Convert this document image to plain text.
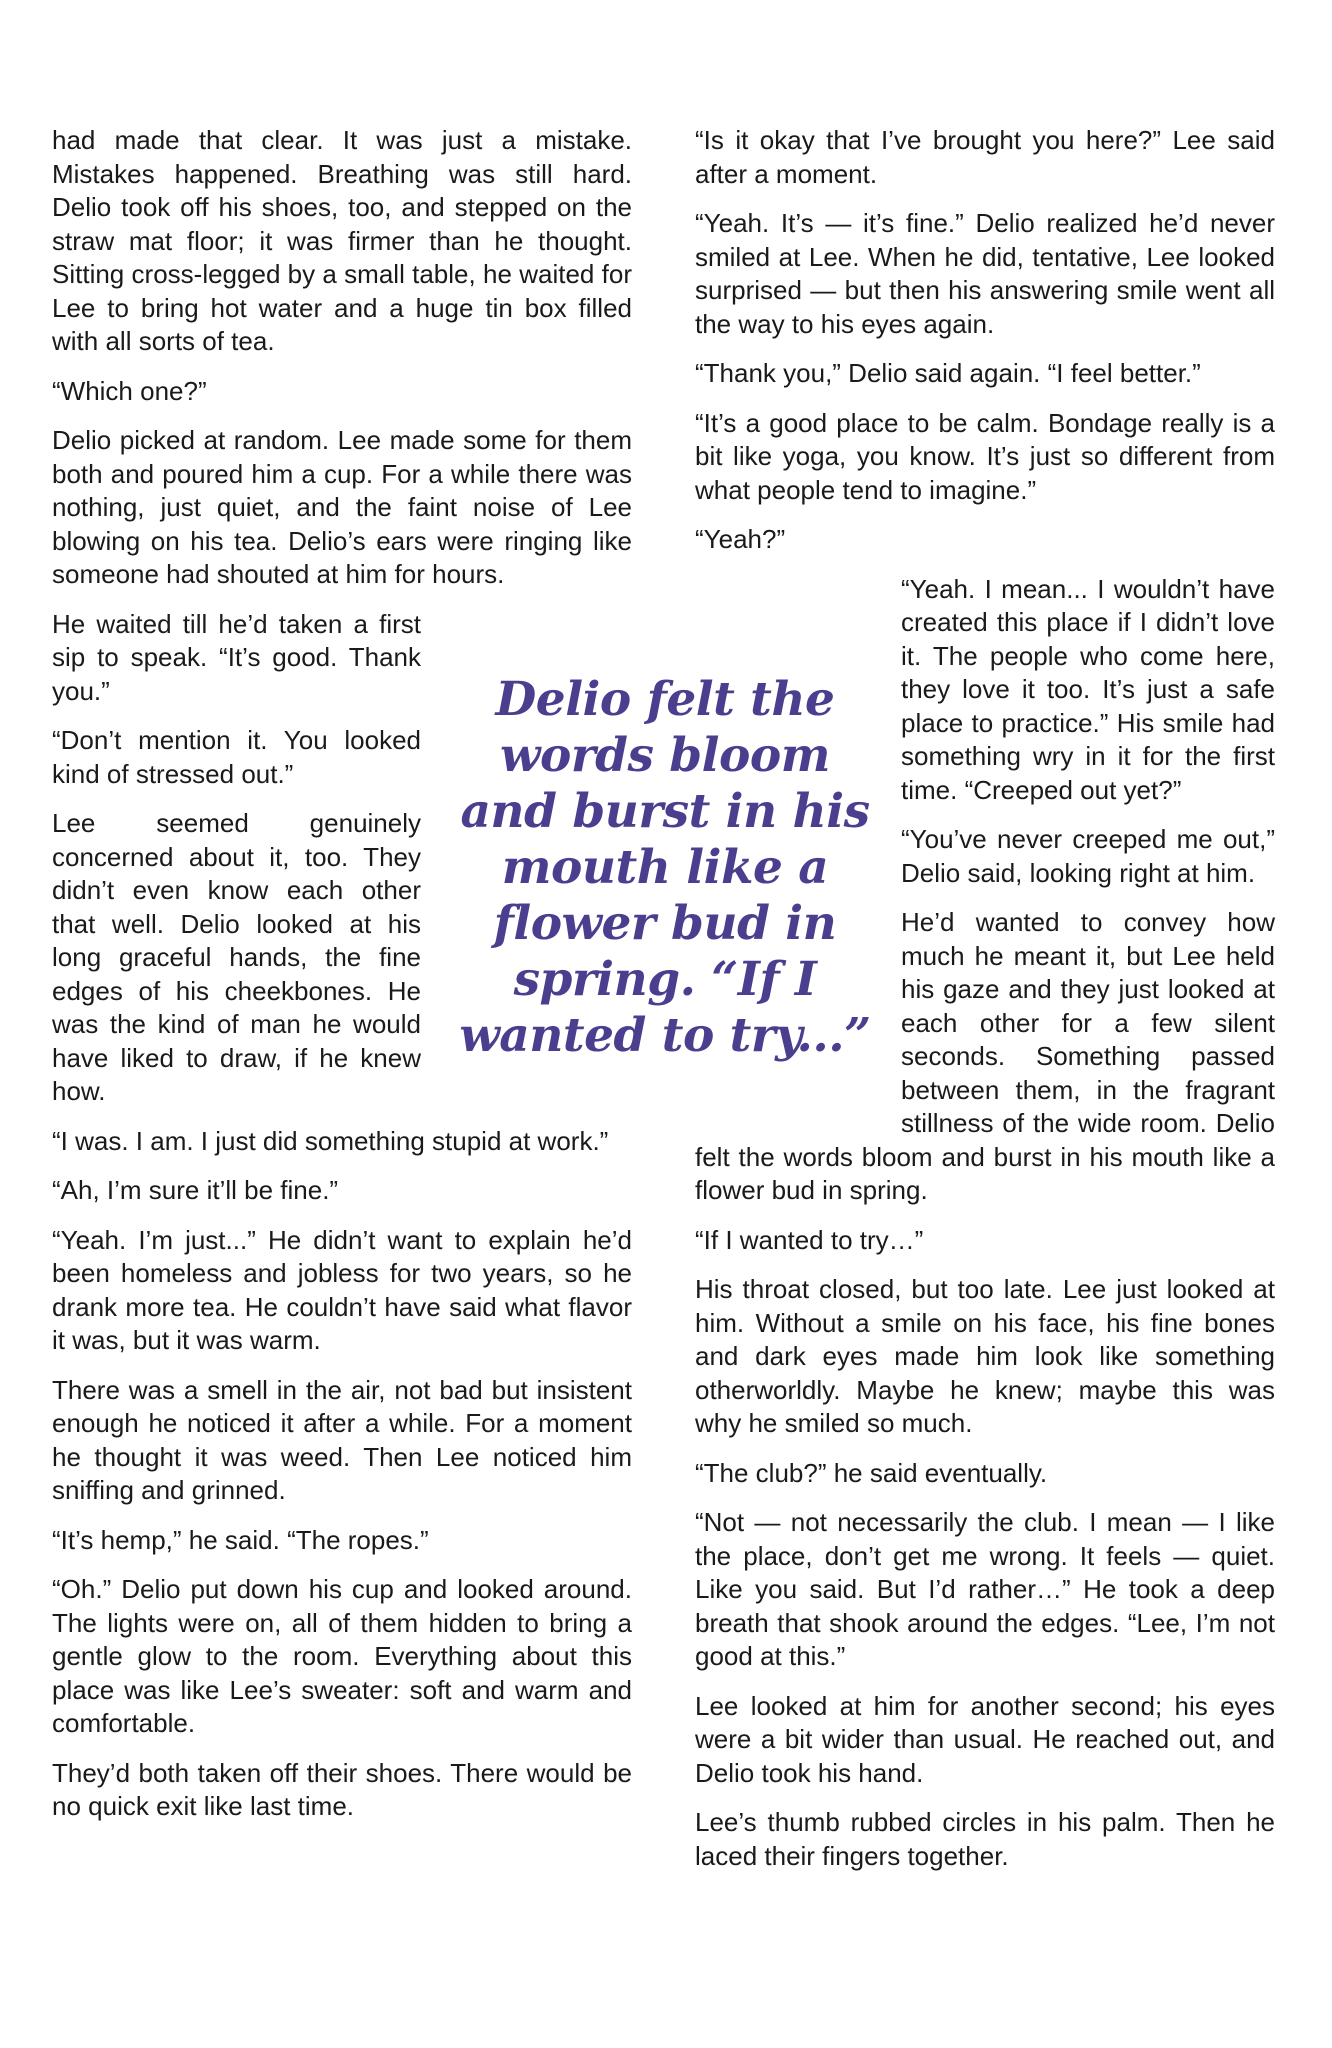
had made that clear. It was just a mistake. Mistakes happened. Breathing was still hard. Delio took off his shoes, too, and stepped on the straw mat floor; it was firmer than he thought. Sitting cross-legged by a small table, he waited for Lee to bring hot water and a huge tin box filled with all sorts of tea.

“Which one?”

Delio picked at random. Lee made some for them both and poured him a cup. For a while there was nothing, just quiet, and the faint noise of Lee blowing on his tea. Delio’s ears were ringing like someone had shouted at him for hours.

He waited till he’d taken a first sip to speak. “It’s good. Thank you.”

“Don’t mention it. You looked kind of stressed out.”

Lee seemed genuinely concerned about it, too. They didn’t even know each other that well. Delio looked at his long graceful hands, the fine edges of his cheekbones. He was the kind of man he would have liked to draw, if he knew how.

“I was. I am. I just did something stupid at work.”

“Ah, I’m sure it’ll be fine.”

“Yeah. I’m just...” He didn’t want to explain he’d been homeless and jobless for two years, so he drank more tea. He couldn’t have said what flavor it was, but it was warm.

There was a smell in the air, not bad but insistent enough he noticed it after a while. For a moment he thought it was weed. Then Lee noticed him sniffing and grinned.

“It’s hemp,” he said. “The ropes.”

“Oh.” Delio put down his cup and looked around. The lights were on, all of them hidden to bring a gentle glow to the room. Everything about this place was like Lee’s sweater: soft and warm and comfortable.

They’d both taken off their shoes. There would be no quick exit like last time.

“Is it okay that I’ve brought you here?” Lee said after a moment.

“Yeah. It’s — it’s fine.” Delio realized he’d never smiled at Lee. When he did, tentative, Lee looked surprised — but then his answering smile went all the way to his eyes again.

“Thank you,” Delio said again. “I feel better.”

“It’s a good place to be calm. Bondage really is a bit like yoga, you know. It’s just so different from what people tend to imagine.”

“Yeah?”

“Yeah. I mean... I wouldn’t have created this place if I didn’t love it. The people who come here, they love it too. It’s just a safe place to practice.” His smile had something wry in it for the first time. “Creeped out yet?”

“You’ve never creeped me out,” Delio said, looking right at him.

He’d wanted to convey how much he meant it, but Lee held his gaze and they just looked at each other for a few silent seconds. Something passed between them, in the fragrant stillness of the wide room. Delio felt the words bloom and burst in his mouth like a flower bud in spring.

“If I wanted to try…”

His throat closed, but too late. Lee just looked at him. Without a smile on his face, his fine bones and dark eyes made him look like something otherworldly. Maybe he knew; maybe this was why he smiled so much.

“The club?” he said eventually.

“Not — not necessarily the club. I mean — I like the place, don’t get me wrong. It feels — quiet. Like you said. But I’d rather…” He took a deep breath that shook around the edges. “Lee, I’m not good at this.”

Lee looked at him for another second; his eyes were a bit wider than usual. He reached out, and Delio took his hand.

Lee’s thumb rubbed circles in his palm. Then he laced their fingers together.

Delio felt the words bloom and burst in his mouth like a flower bud in spring. “If I wanted to try...”
